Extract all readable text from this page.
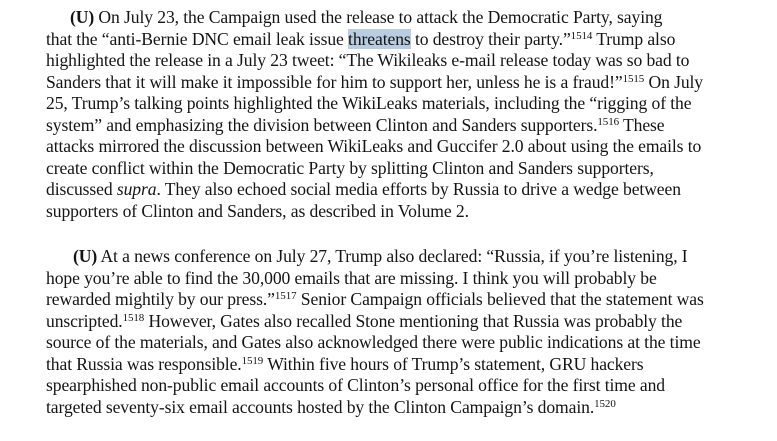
(U) On July 23, the Campaign used the release to attack the Democratic Party, saying
that the “anti-Bernie DNC email leak issue threatens to destroy their party.”$^{1514}$ Trump also
highlighted the release in a July 23 tweet: “The Wikileaks e-mail release today was so bad to
Sanders that it will make it impossible for him to support her, unless he is a fraud!”$^{1515}$ On July
25, Trump’s talking points highlighted the WikiLeaks materials, including the “rigging of the
system” and emphasizing the division between Clinton and Sanders supporters.$^{1516}$ These
attacks mirrored the discussion between WikiLeaks and Guccifer 2.0 about using the emails to
create conflict within the Democratic Party by splitting Clinton and Sanders supporters,
discussed supra. They also echoed social media efforts by Russia to drive a wedge between
supporters of Clinton and Sanders, as described in Volume 2.
(U) At a news conference on July 27, Trump also declared: “Russia, if you’re listening, I
hope you’re able to find the 30,000 emails that are missing. I think you will probably be
rewarded mightily by our press.”$^{1517}$ Senior Campaign officials believed that the statement was
unscripted.$^{1518}$ However, Gates also recalled Stone mentioning that Russia was probably the
source of the materials, and Gates also acknowledged there were public indications at the time
that Russia was responsible.$^{1519}$ Within five hours of Trump’s statement, GRU hackers
spearphished non-public email accounts of Clinton’s personal office for the first time and
targeted seventy-six email accounts hosted by the Clinton Campaign’s domain.$^{1520}$
